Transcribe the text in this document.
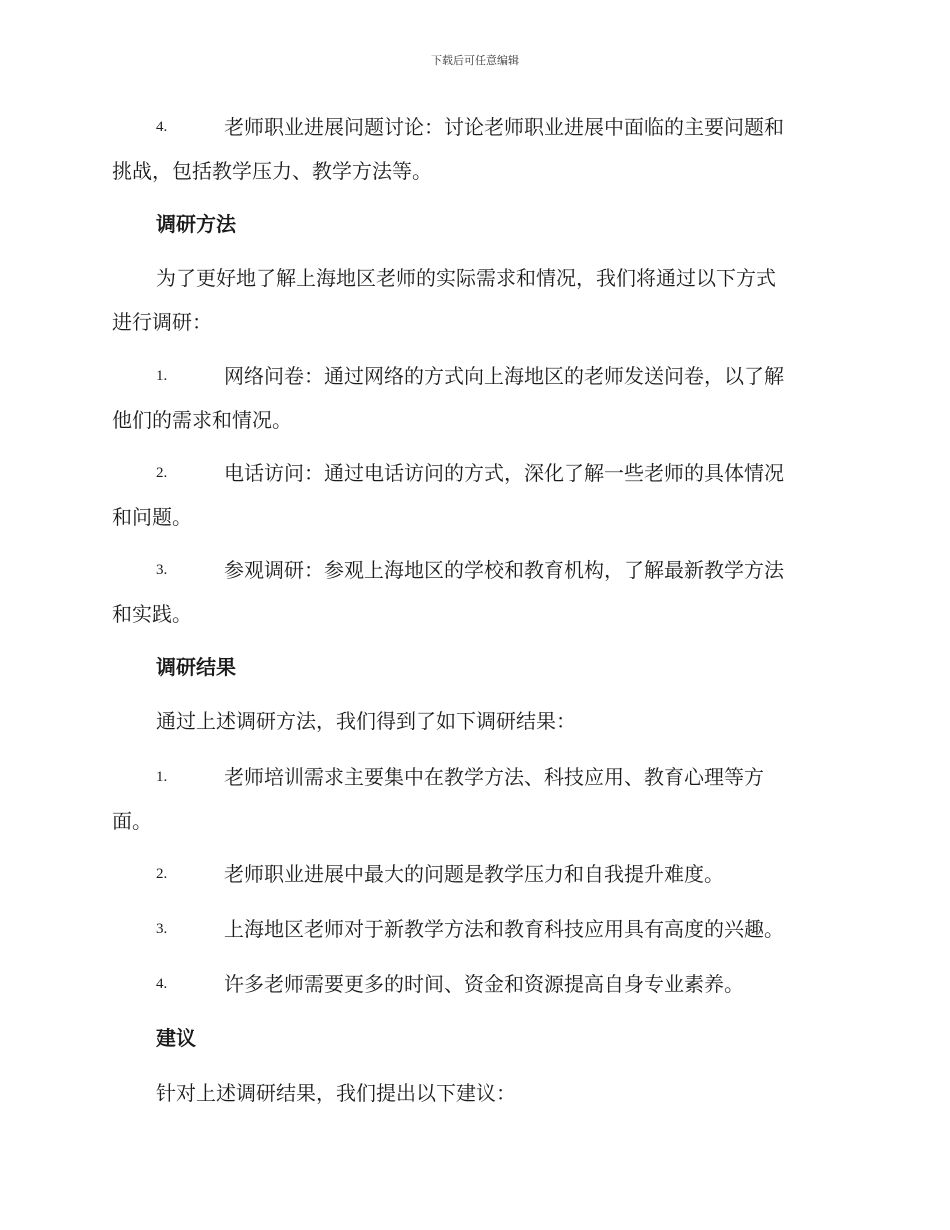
下载后可任意编辑
4.	老师职业进展问题讨论：讨论老师职业进展中面临的主要问题和
挑战，包括教学压力、教学方法等。
调研方法
为了更好地了解上海地区老师的实际需求和情况，我们将通过以下方式
进行调研：
1.	网络问卷：通过网络的方式向上海地区的老师发送问卷，以了解
他们的需求和情况。
2.	电话访问：通过电话访问的方式，深化了解一些老师的具体情况
和问题。
3.	参观调研：参观上海地区的学校和教育机构，了解最新教学方法
和实践。
调研结果
通过上述调研方法，我们得到了如下调研结果：
1.	老师培训需求主要集中在教学方法、科技应用、教育心理等方
面。
2.	老师职业进展中最大的问题是教学压力和自我提升难度。
3.	上海地区老师对于新教学方法和教育科技应用具有高度的兴趣。
4.	许多老师需要更多的时间、资金和资源提高自身专业素养。
建议
针对上述调研结果，我们提出以下建议：
